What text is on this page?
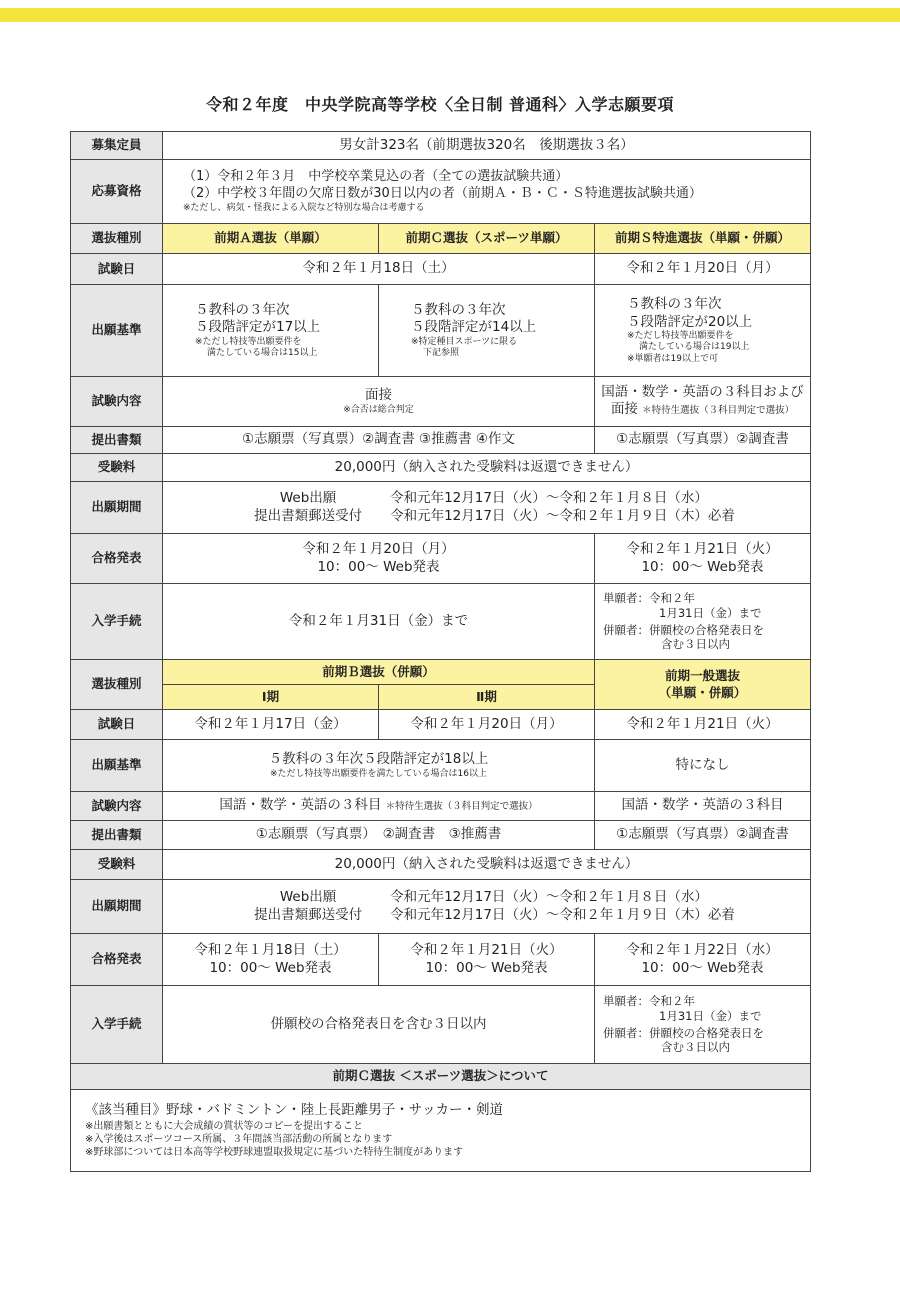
令和２年度　中央学院高等学校〈全日制 普通科〉入学志願要項
募集定員	男女計323名（前期選抜320名　後期選抜３名）		
応募資格	（1）令和２年３月　中学校卒業見込の者（全ての選抜試験共通）
（2）中学校３年間の欠席日数が30日以内の者（前期Ａ・Ｂ・Ｃ・Ｓ特進選抜試験共通）
※ただし、病気・怪我による入院など特別な場合は考慮する		

選抜種別	前期Ａ選抜（単願）	前期Ｃ選抜（スポーツ単願）	前期Ｓ特進選抜（単願・併願）
試験日	令和２年１月18日（土）		令和２年１月20日（月）
出願基準	５教科の３年次
５段階評定が17以上
※ただし特技等出願要件を
満たしている場合は15以上	５教科の３年次
５段階評定が14以上
※特定種目スポーツに限る
下記参照	５教科の３年次
５段階評定が20以上
※ただし特技等出願要件を
満たしている場合は19以上
※単願者は19以上で可

試験内容	面接
※合否は総合判定		国語・数学・英語の３科目および
面接 ＊特待生選抜（３科目判定で選抜）

提出書類	①志願票（写真票）②調査書 ③推薦書 ④作文		①志願票（写真票）②調査書
受験料	20,000円（納入された受験料は返還できません）		
出願期間	Web出願
提出書類郵送受付
令和元年12月17日（火）～令和２年１月８日（水）
令和元年12月17日（火）～令和２年１月９日（木）必着		

合格発表	令和２年１月20日（月）
10：00～ Web発表		令和２年１月21日（火）
10：00～ Web発表

入学手続	令和２年１月31日（金）まで		単願者：令和２年
1月31日（金）まで
併願者：併願校の合格発表日を
含む３日以内

選抜種別	前期Ｂ選抜（併願）		前期一般選抜
（単願・併願）

	Ⅰ期	Ⅱ期	
試験日	令和２年１月17日（金）	令和２年１月20日（月）	令和２年１月21日（火）
出願基準	５教科の３年次５段階評定が18以上
※ただし特技等出願要件を満たしている場合は16以上		特になし
試験内容	国語・数学・英語の３科目 ＊特待生選抜（３科目判定で選抜）		国語・数学・英語の３科目
提出書類	①志願票（写真票）　②調査書　③推薦書		①志願票（写真票）②調査書
受験料	20,000円（納入された受験料は返還できません）		
出願期間	Web出願
提出書類郵送受付
令和元年12月17日（火）～令和２年１月８日（水）
令和元年12月17日（火）～令和２年１月９日（木）必着		

合格発表	令和２年１月18日（土）
10：00～ Web発表	令和２年１月21日（火）
10：00～ Web発表	令和２年１月22日（水）
10：00～ Web発表

入学手続	併願校の合格発表日を含む３日以内		単願者：令和２年
1月31日（金）まで
併願者：併願校の合格発表日を
含む３日以内

前期Ｃ選抜 ＜スポーツ選抜＞について			

《該当種目》野球・バドミントン・陸上長距離男子・サッカー・剣道
※出願書類とともに大会成績の賞状等のコピーを提出すること
※入学後はスポーツコース所属、３年間該当部活動の所属となります
※野球部については日本高等学校野球連盟取扱規定に基づいた特待生制度があります			
